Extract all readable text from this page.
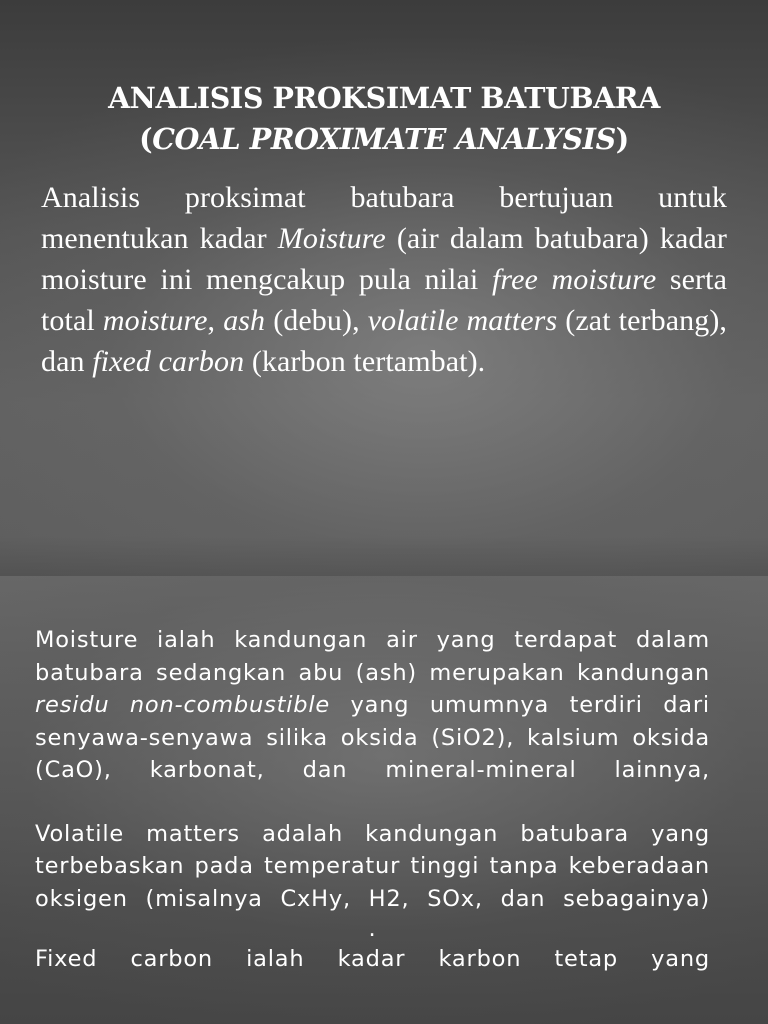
ANALISIS PROKSIMAT BATUBARA
(COAL PROXIMATE ANALYSIS)
Analisis proksimat batubara bertujuan untuk menentukan kadar Moisture (air dalam batubara) kadar moisture ini mengcakup pula nilai free moisture serta total moisture, ash (debu), volatile matters (zat terbang), dan fixed carbon (karbon tertambat).

Moisture ialah kandungan air yang terdapat dalam batubara sedangkan abu (ash) merupakan kandungan residu non-combustible yang umumnya terdiri dari senyawa-senyawa silika oksida (SiO2), kalsium oksida (CaO), karbonat, dan mineral-mineral lainnya,

Volatile matters adalah kandungan batubara yang terbebaskan pada temperatur tinggi tanpa keberadaan oksigen (misalnya CxHy, H2, SOx, dan sebagainya)

.

Fixed carbon ialah kadar karbon tetap yang
